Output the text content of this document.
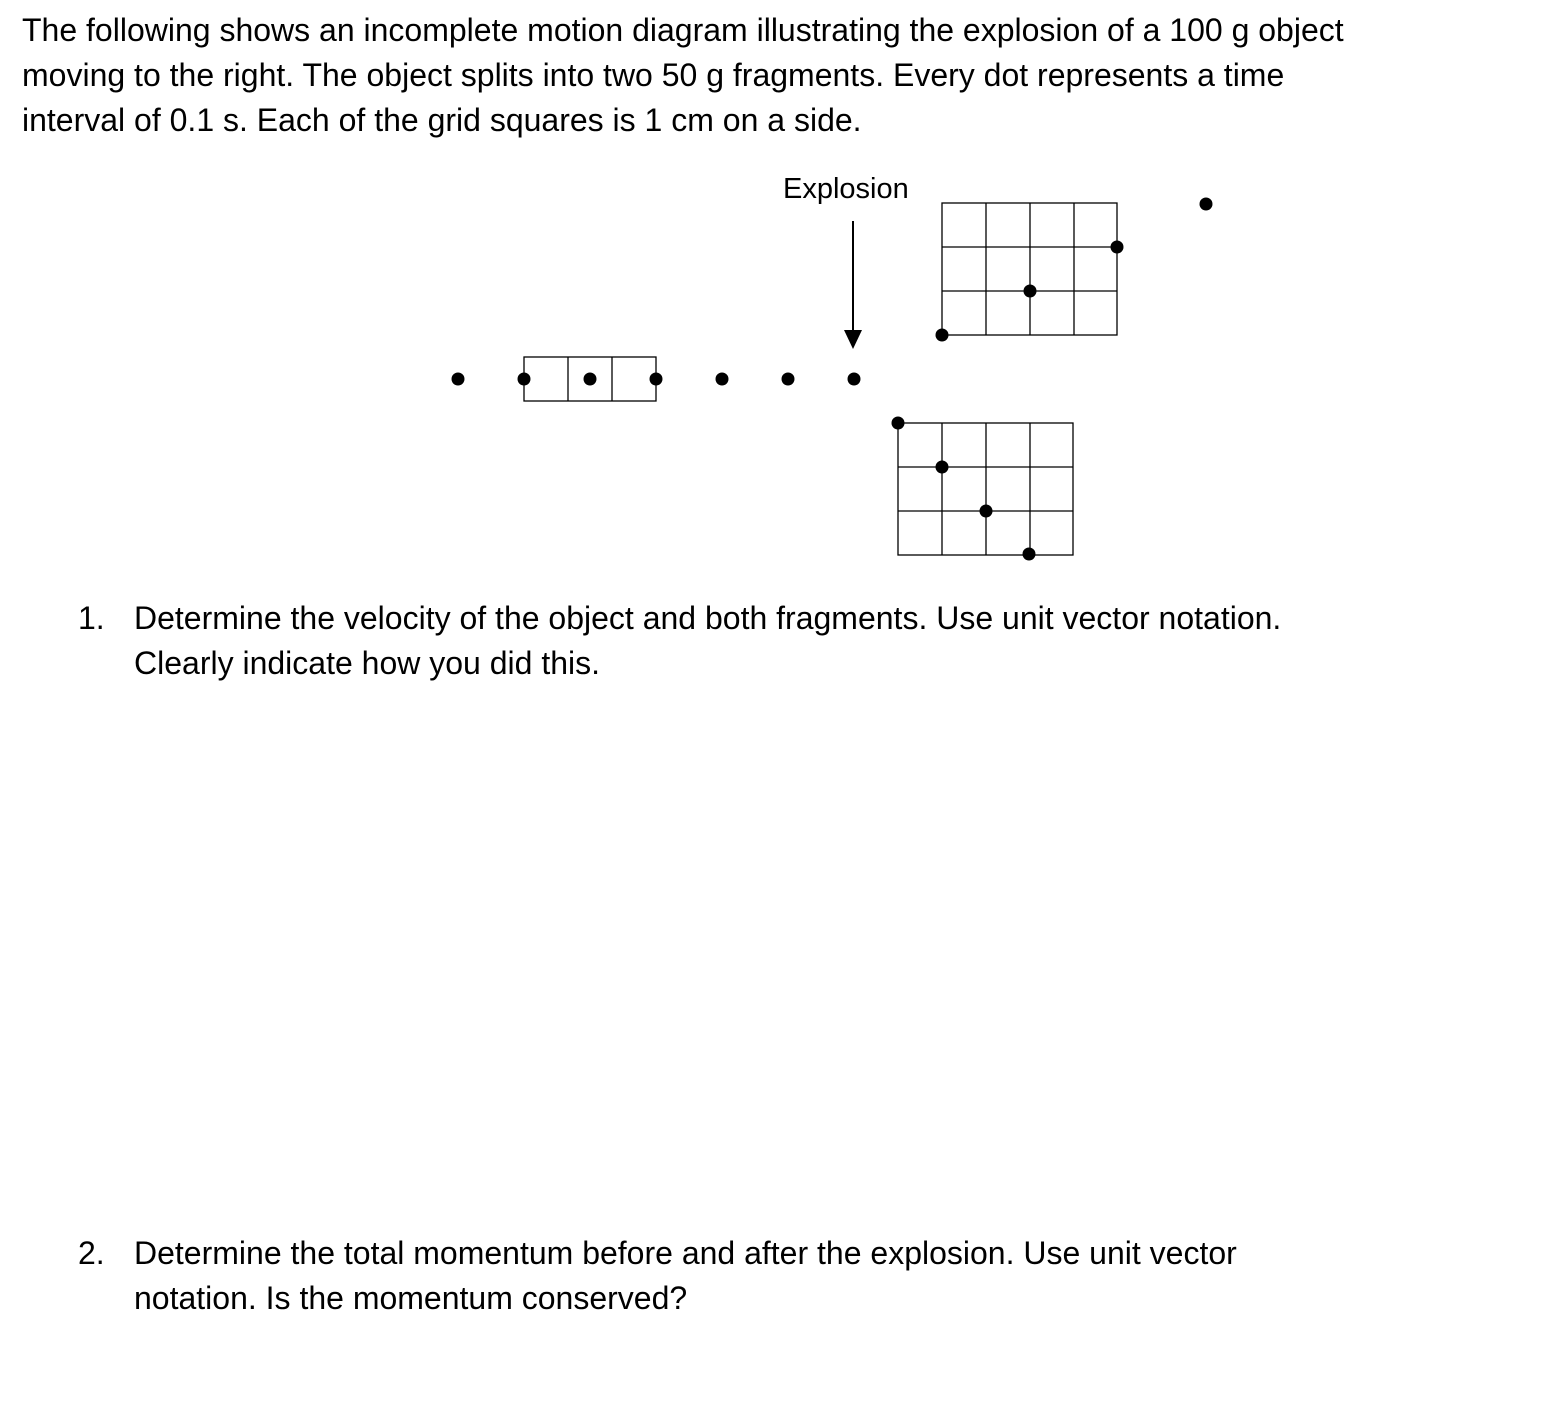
The following shows an incomplete motion diagram illustrating the explosion of a 100 g object
moving to the right. The object splits into two 50 g fragments. Every dot represents a time
interval of 0.1 s. Each of the grid squares is 1 cm on a side.
Explosion
1. Determine the velocity of the object and both fragments. Use unit vector notation.
Clearly indicate how you did this.
2. Determine the total momentum before and after the explosion. Use unit vector
notation. Is the momentum conserved?
